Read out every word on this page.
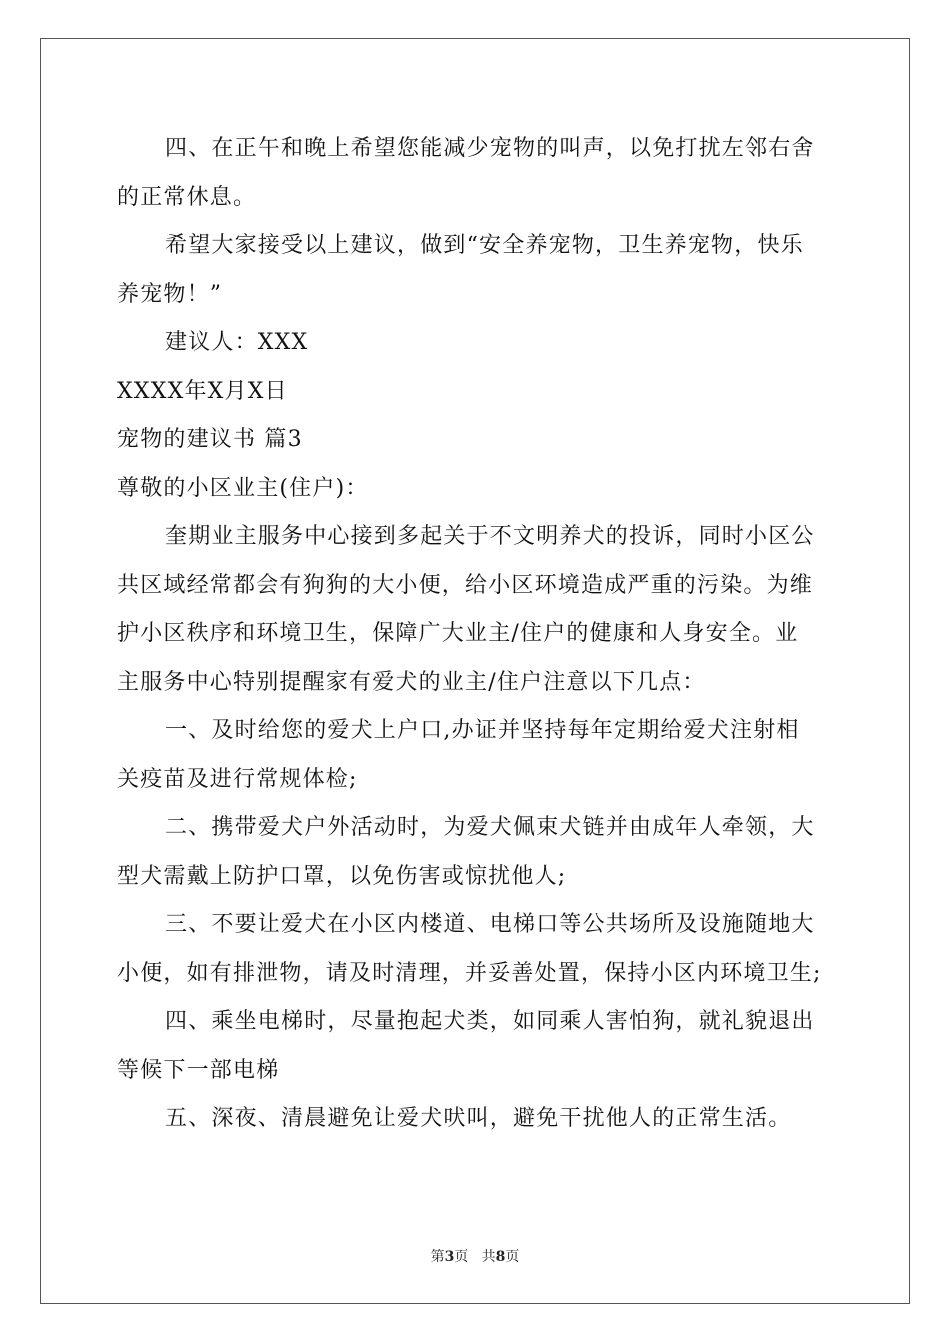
四、在正午和晚上希望您能减少宠物的叫声，以免打扰左邻右舍
的正常休息。
希望大家接受以上建议，做到“安全养宠物，卫生养宠物，快乐
养宠物！”
建议人：XXX
XXXX年X月X日
宠物的建议书 篇3
尊敬的小区业主(住户)：
奎期业主服务中心接到多起关于不文明养犬的投诉，同时小区公
共区域经常都会有狗狗的大小便，给小区环境造成严重的污染。为维
护小区秩序和环境卫生，保障广大业主/住户的健康和人身安全。业
主服务中心特别提醒家有爱犬的业主/住户注意以下几点：
一、及时给您的爱犬上户口,办证并坚持每年定期给爱犬注射相
关疫苗及进行常规体检;
二、携带爱犬户外活动时，为爱犬佩束犬链并由成年人牵领，大
型犬需戴上防护口罩，以免伤害或惊扰他人;
三、不要让爱犬在小区内楼道、电梯口等公共场所及设施随地大
小便，如有排泄物，请及时清理，并妥善处置，保持小区内环境卫生;
四、乘坐电梯时，尽量抱起犬类，如同乘人害怕狗，就礼貌退出
等候下一部电梯
五、深夜、清晨避免让爱犬吠叫，避免干扰他人的正常生活。
第3页 共8页
